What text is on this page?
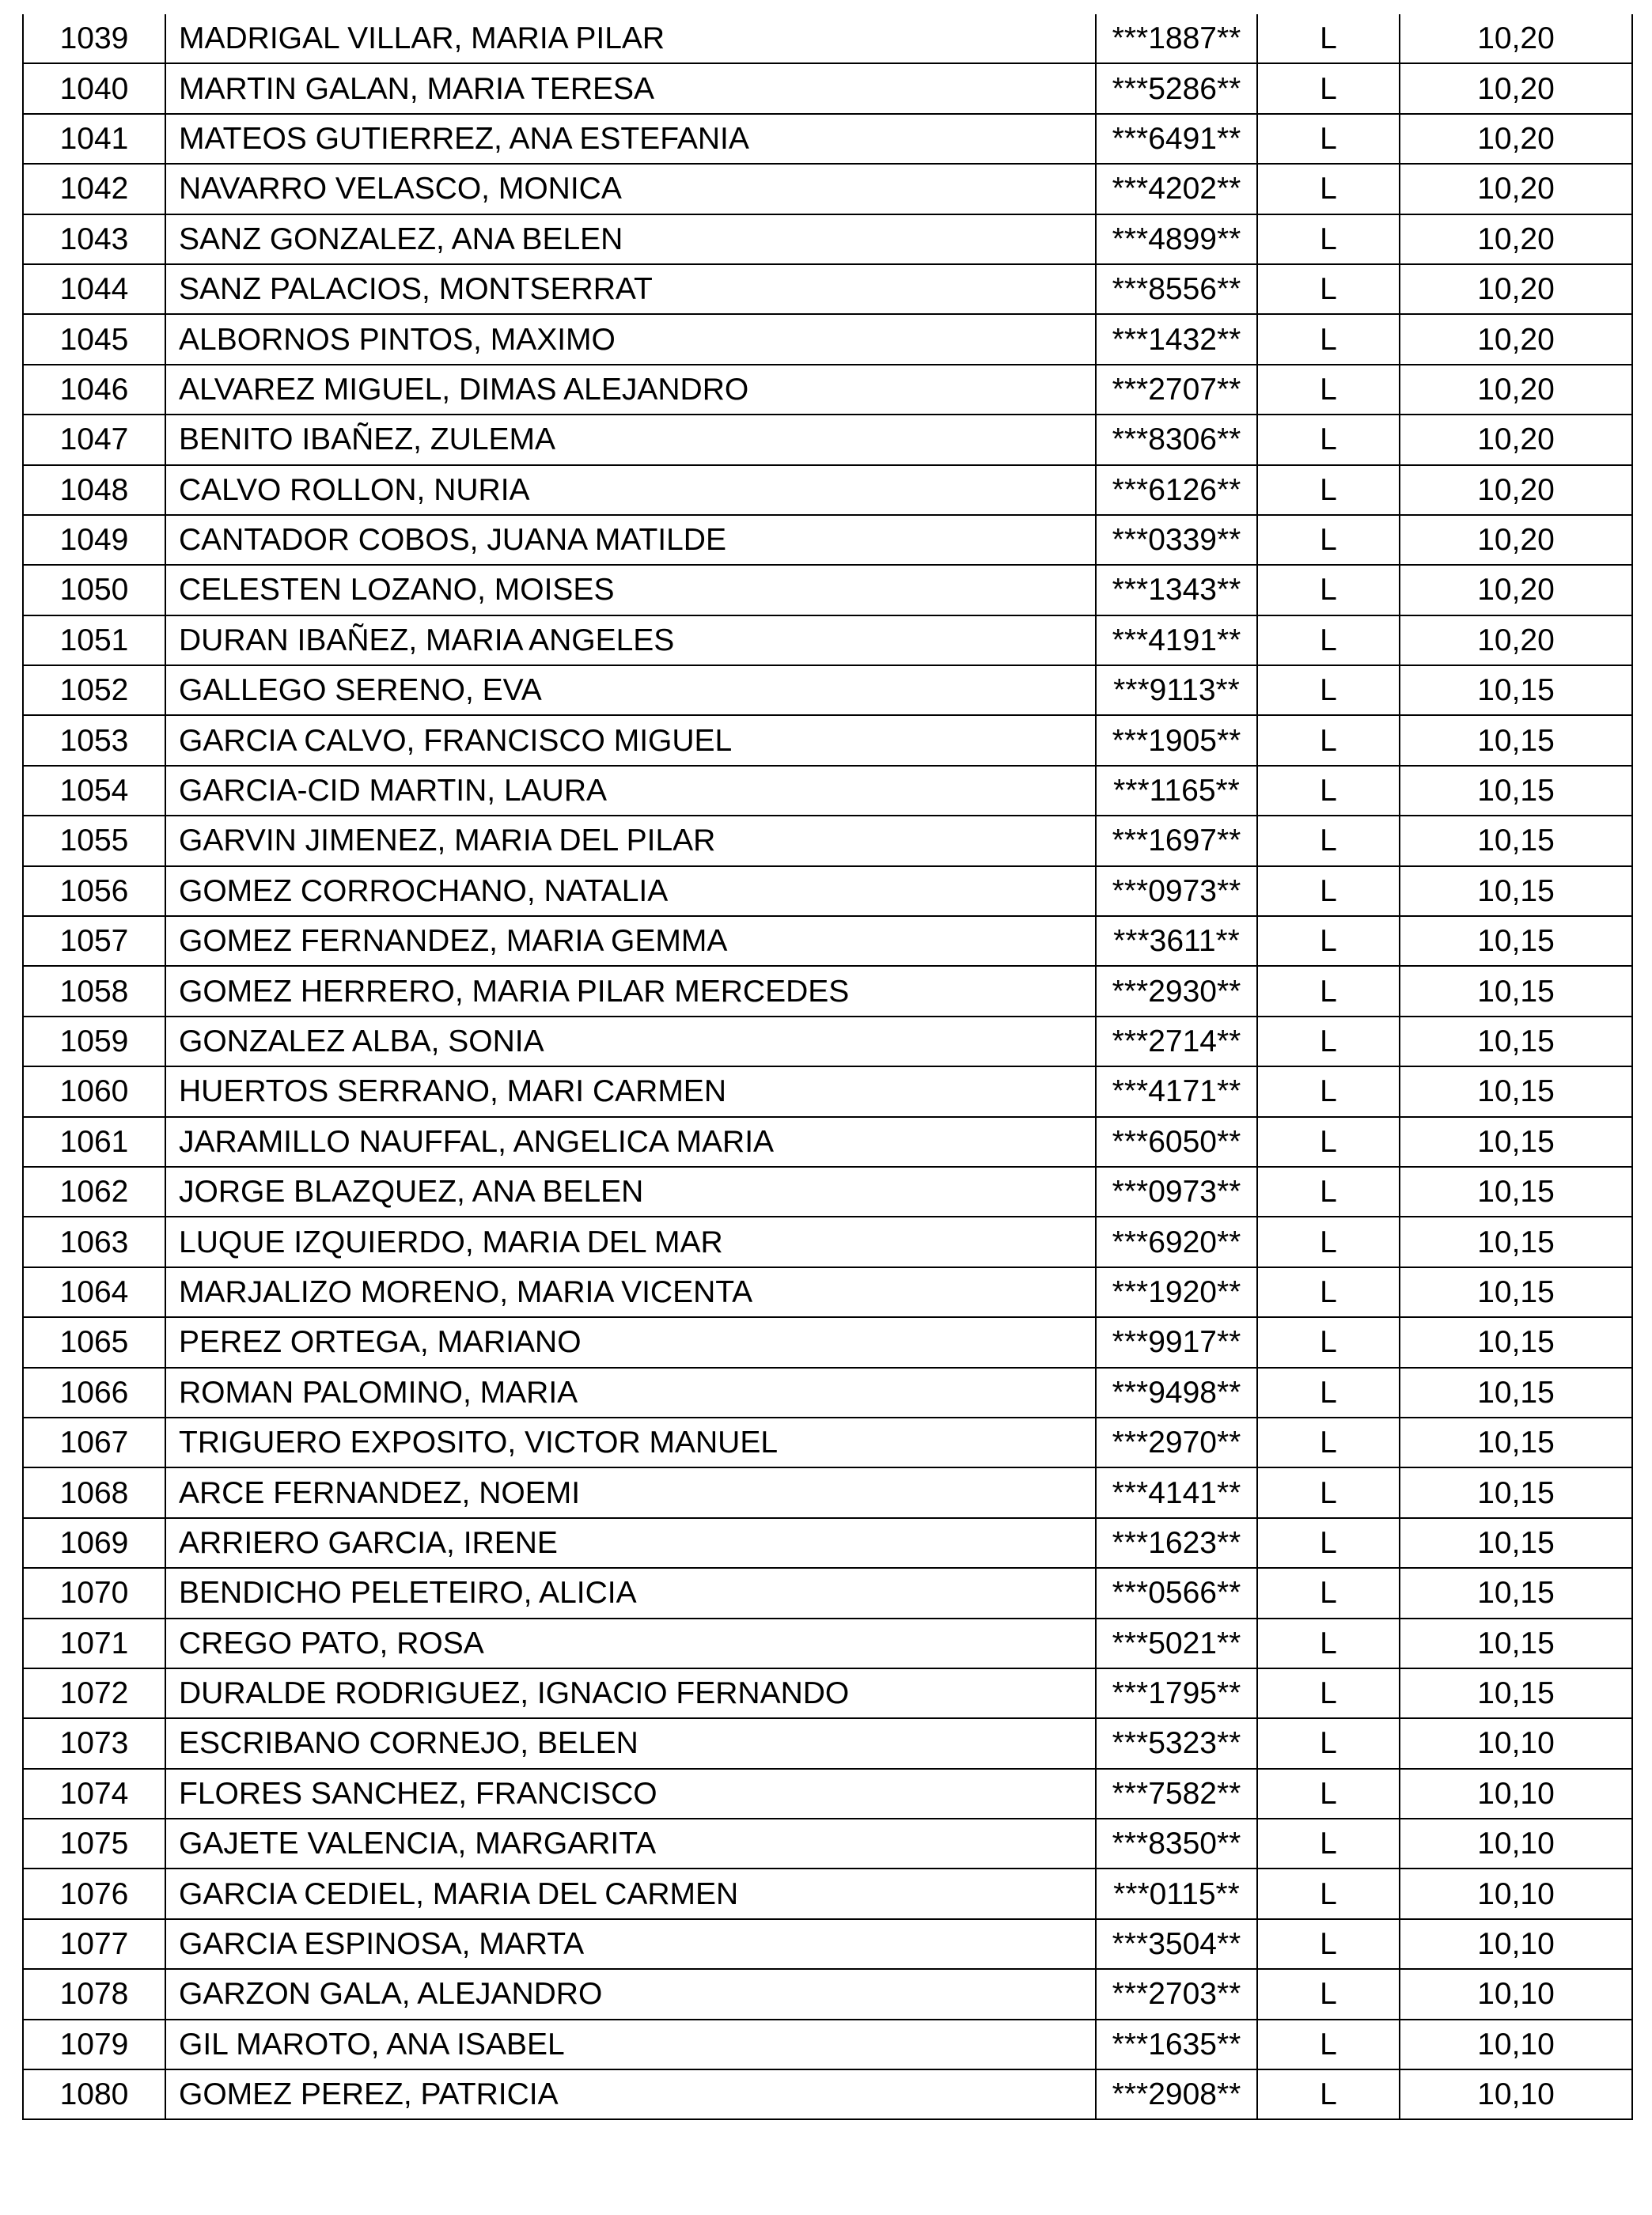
1039	MADRIGAL VILLAR, MARIA PILAR	***1887**	L	10,20
1040	MARTIN GALAN, MARIA TERESA	***5286**	L	10,20
1041	MATEOS GUTIERREZ, ANA ESTEFANIA	***6491**	L	10,20
1042	NAVARRO VELASCO, MONICA	***4202**	L	10,20
1043	SANZ GONZALEZ, ANA BELEN	***4899**	L	10,20
1044	SANZ PALACIOS, MONTSERRAT	***8556**	L	10,20
1045	ALBORNOS PINTOS, MAXIMO	***1432**	L	10,20
1046	ALVAREZ MIGUEL, DIMAS ALEJANDRO	***2707**	L	10,20
1047	BENITO IBAÑEZ, ZULEMA	***8306**	L	10,20
1048	CALVO ROLLON, NURIA	***6126**	L	10,20
1049	CANTADOR COBOS, JUANA MATILDE	***0339**	L	10,20
1050	CELESTEN LOZANO, MOISES	***1343**	L	10,20
1051	DURAN IBAÑEZ, MARIA ANGELES	***4191**	L	10,20
1052	GALLEGO SERENO, EVA	***9113**	L	10,15
1053	GARCIA CALVO, FRANCISCO MIGUEL	***1905**	L	10,15
1054	GARCIA-CID MARTIN, LAURA	***1165**	L	10,15
1055	GARVIN JIMENEZ, MARIA DEL PILAR	***1697**	L	10,15
1056	GOMEZ CORROCHANO, NATALIA	***0973**	L	10,15
1057	GOMEZ FERNANDEZ, MARIA GEMMA	***3611**	L	10,15
1058	GOMEZ HERRERO, MARIA PILAR MERCEDES	***2930**	L	10,15
1059	GONZALEZ ALBA, SONIA	***2714**	L	10,15
1060	HUERTOS SERRANO, MARI CARMEN	***4171**	L	10,15
1061	JARAMILLO NAUFFAL, ANGELICA MARIA	***6050**	L	10,15
1062	JORGE BLAZQUEZ, ANA BELEN	***0973**	L	10,15
1063	LUQUE IZQUIERDO, MARIA DEL MAR	***6920**	L	10,15
1064	MARJALIZO MORENO, MARIA VICENTA	***1920**	L	10,15
1065	PEREZ ORTEGA, MARIANO	***9917**	L	10,15
1066	ROMAN PALOMINO, MARIA	***9498**	L	10,15
1067	TRIGUERO EXPOSITO, VICTOR MANUEL	***2970**	L	10,15
1068	ARCE FERNANDEZ, NOEMI	***4141**	L	10,15
1069	ARRIERO GARCIA, IRENE	***1623**	L	10,15
1070	BENDICHO PELETEIRO, ALICIA	***0566**	L	10,15
1071	CREGO PATO, ROSA	***5021**	L	10,15
1072	DURALDE RODRIGUEZ, IGNACIO FERNANDO	***1795**	L	10,15
1073	ESCRIBANO CORNEJO, BELEN	***5323**	L	10,10
1074	FLORES SANCHEZ, FRANCISCO	***7582**	L	10,10
1075	GAJETE VALENCIA, MARGARITA	***8350**	L	10,10
1076	GARCIA CEDIEL, MARIA DEL CARMEN	***0115**	L	10,10
1077	GARCIA ESPINOSA, MARTA	***3504**	L	10,10
1078	GARZON GALA, ALEJANDRO	***2703**	L	10,10
1079	GIL MAROTO, ANA ISABEL	***1635**	L	10,10
1080	GOMEZ PEREZ, PATRICIA	***2908**	L	10,10
